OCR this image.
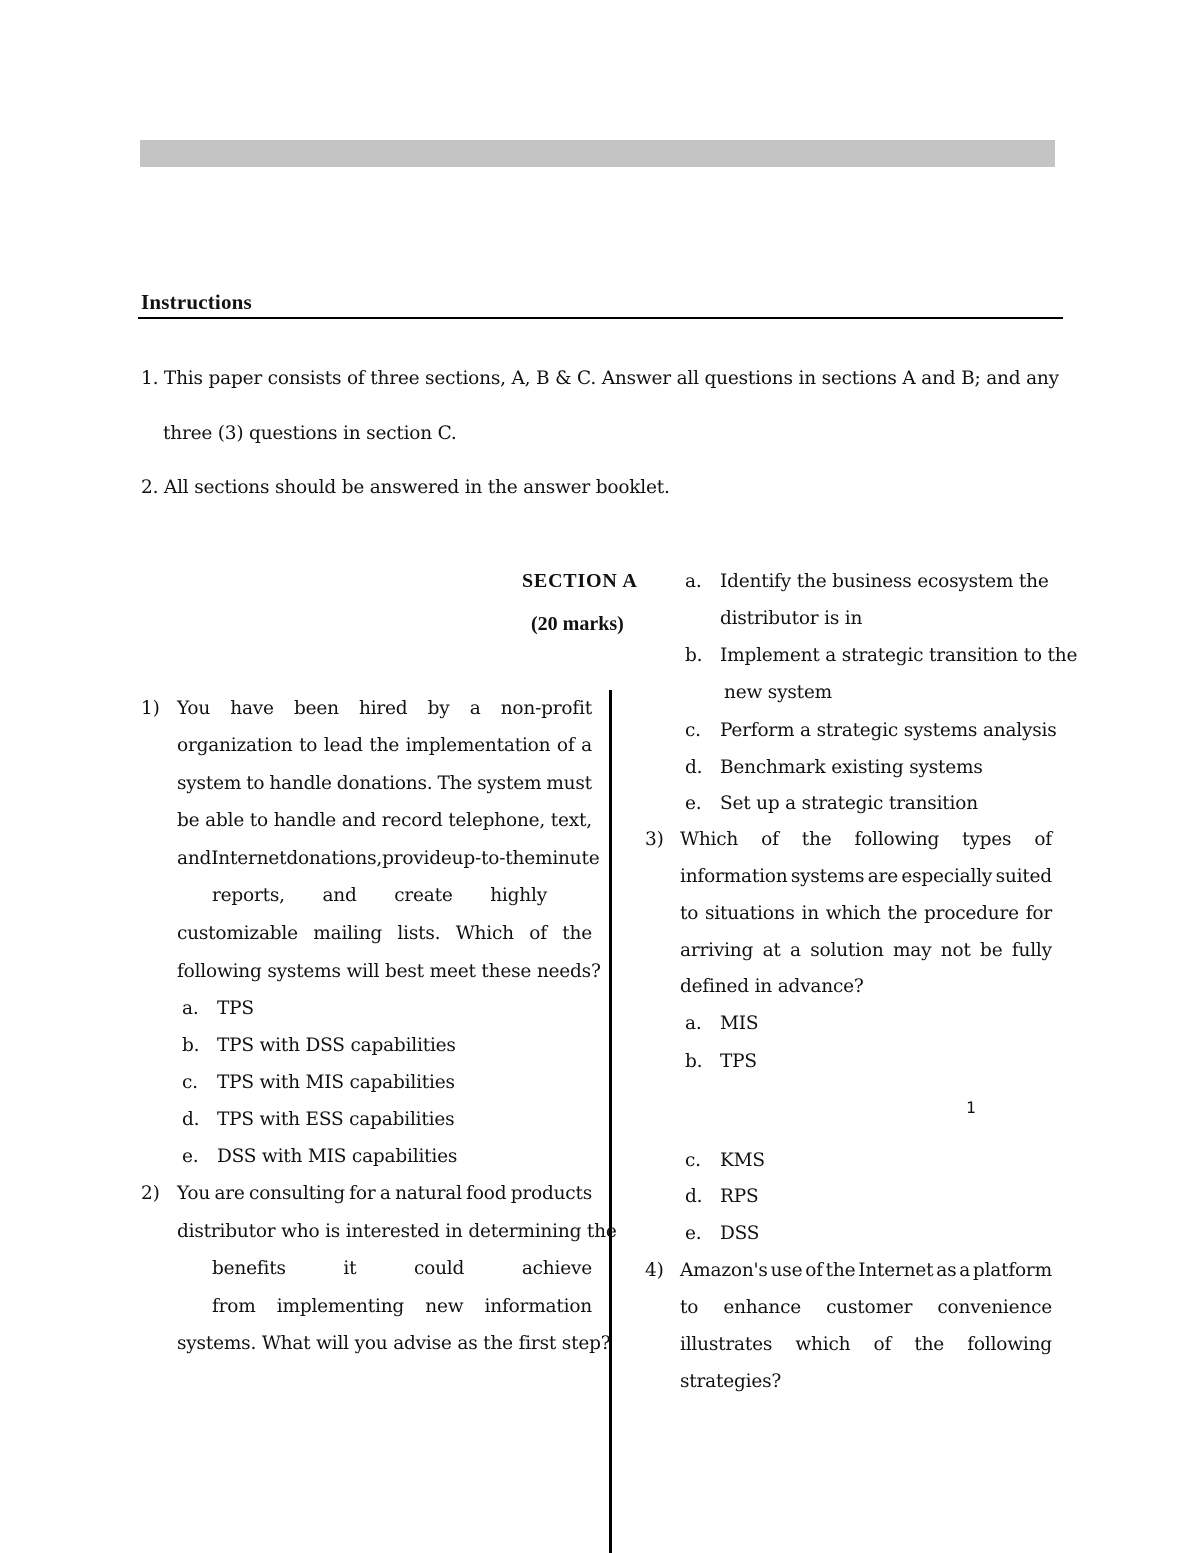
Instructions
1. This paper consists of three sections, A, B & C. Answer all questions in sections A and B; and any
three (3) questions in section C.
2. All sections should be answered in the answer booklet.
SECTION A
(20 marks)
1) You have been hired by a non-profit
organization to lead the implementation of a
system to handle donations. The system must
be able to handle and record telephone, text,
and Internet donations, provide up-to-theminute
reports, and create highly
customizable mailing lists. Which of the
following systems will best meet these needs?
a. TPS
b. TPS with DSS capabilities
c. TPS with MIS capabilities
d. TPS with ESS capabilities
e. DSS with MIS capabilities
2) You are consulting for a natural food products
distributor who is interested in determining the
benefits	it	could	achieve
from implementing new information
systems. What will you advise as the first step?
a. Identify the business ecosystem the
distributor is in
b. Implement a strategic transition to the
new system
c. Perform a strategic systems analysis
d. Benchmark existing systems
e. Set up a strategic transition
3) Which of the following types of
information systems are especially suited
to situations in which the procedure for
arriving at a solution may not be fully
defined in advance?
a. MIS
b. TPS
c. KMS
d. RPS
e. DSS
1
4) Amazon's use of the Internet as a platform
to enhance customer convenience
illustrates which of the following
strategies?
